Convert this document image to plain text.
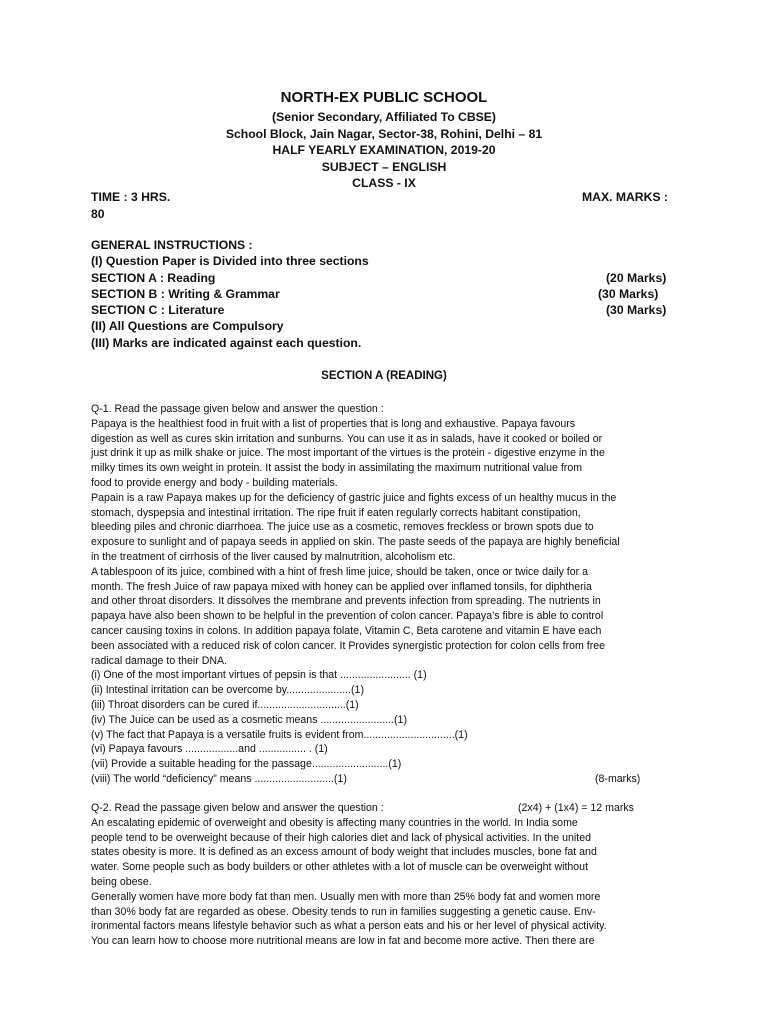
NORTH-EX PUBLIC SCHOOL
(Senior Secondary, Affiliated To CBSE)
School Block, Jain Nagar, Sector-38, Rohini, Delhi – 81
HALF YEARLY EXAMINATION, 2019-20
SUBJECT – ENGLISH
CLASS - IX
TIME : 3 HRS.	MAX. MARKS :
80
GENERAL INSTRUCTIONS :
(I) Question Paper is Divided into three sections
SECTION A : Reading	(20 Marks)
SECTION B : Writing & Grammar	(30 Marks)
SECTION C : Literature	(30 Marks)
(II) All Questions are Compulsory
(III) Marks are indicated against each question.
SECTION A (READING)
Q-1. Read the passage given below and answer the question :
Papaya is the healthiest food in fruit with a list of properties that is long and exhaustive. Papaya favours
digestion as well as cures skin irritation and sunburns. You can use it as in salads, have it cooked or boiled or
just drink it up as milk shake or juice. The most important of the virtues is the protein - digestive enzyme in the
milky times its own weight in protein. It assist the body in assimilating the maximum nutritional value from
food to provide energy and body - building materials.
Papain is a raw Papaya makes up for the deficiency of gastric juice and fights excess of un healthy mucus in the
stomach, dyspepsia and intestinal irritation. The ripe fruit if eaten regularly corrects habitant constipation,
bleeding piles and chronic diarrhoea. The juice use as a cosmetic, removes freckless or brown spots due to
exposure to sunlight and of papaya seeds in applied on skin. The paste seeds of the papaya are highly beneficial
in the treatment of cirrhosis of the liver caused by malnutrition, alcoholism etc.
A tablespoon of its juice, combined with a hint of fresh lime juice, should be taken, once or twice daily for a
month. The fresh Juice of raw papaya mixed with honey can be applied over inflamed tonsils, for diphtheria
and other throat disorders. It dissolves the membrane and prevents infection from spreading. The nutrients in
papaya have also been shown to be helpful in the prevention of colon cancer. Papaya’s fibre is able to control
cancer causing toxins in colons. In addition papaya folate, Vitamin C, Beta carotene and vitamin E have each
been associated with a reduced risk of colon cancer. It Provides synergistic protection for colon cells from free
radical damage to their DNA.
(i) One of the most important virtues of pepsin is that ........................ (1)
(ii) Intestinal irritation can be overcome by......................(1)
(iii) Throat disorders can be cured if..............................(1)
(iv) The Juice can be used as a cosmetic means .........................(1)
(v) The fact that Papaya is a versatile fruits is evident from...............................(1)
(vi) Papaya favours ..................and ................ . (1)
(vii) Provide a suitable heading for the passage..........................(1)
(viii) The world “deficiency” means ...........................(1)	(8-marks)
Q-2. Read the passage given below and answer the question :	(2x4) + (1x4) = 12 marks
An escalating epidemic of overweight and obesity is affecting many countries in the world. In India some
people tend to be overweight because of their high calories diet and lack of physical activities. In the united
states obesity is more. It is defined as an excess amount of body weight that includes muscles, bone fat and
water. Some people such as body builders or other athletes with a lot of muscle can be overweight without
being obese.
Generally women have more body fat than men. Usually men with more than 25% body fat and women more
than 30% body fat are regarded as obese. Obesity tends to run in families suggesting a genetic cause. Env-
ironmental factors means lifestyle behavior such as what a person eats and his or her level of physical activity.
You can learn how to choose more nutritional means are low in fat and become more active. Then there are
